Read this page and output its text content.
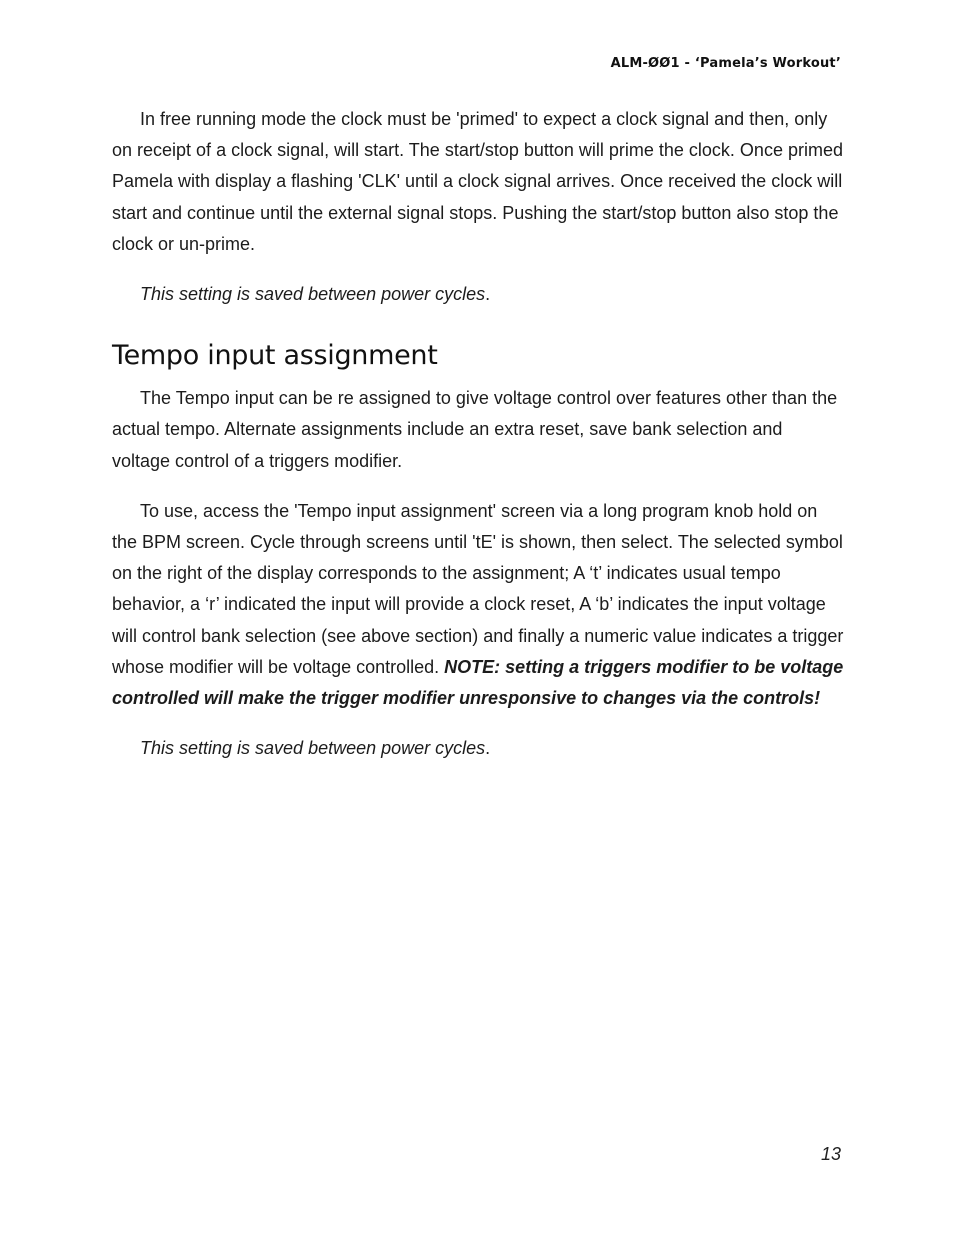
ALM-ØØ1 - ‘Pamela’s Workout’

In free running mode the clock must be 'primed' to expect a clock signal and then, only on receipt of a clock signal, will start. The start/stop button will prime the clock. Once primed Pamela with display a flashing 'CLK' until a clock signal arrives. Once received the clock will start and continue until the external signal stops. Pushing the start/stop button also stop the clock or un-prime.

This setting is saved between power cycles.

Tempo input assignment

The Tempo input can be re assigned to give voltage control over features other than the actual tempo. Alternate assignments include an extra reset, save bank selection and voltage control of a triggers modifier.

To use, access the 'Tempo input assignment' screen via a long program knob hold on the BPM screen. Cycle through screens until 'tE' is shown, then select. The selected symbol on the right of the display corresponds to the assignment; A ‘t’ indicates usual tempo behavior, a ‘r’ indicated the input will provide a clock reset, A ‘b’ indicates the input voltage will control bank selection (see above section) and finally a numeric value indicates a trigger whose modifier will be voltage controlled. NOTE: setting a triggers modifier to be voltage controlled will make the trigger modifier unresponsive to changes via the controls!

This setting is saved between power cycles.

13
